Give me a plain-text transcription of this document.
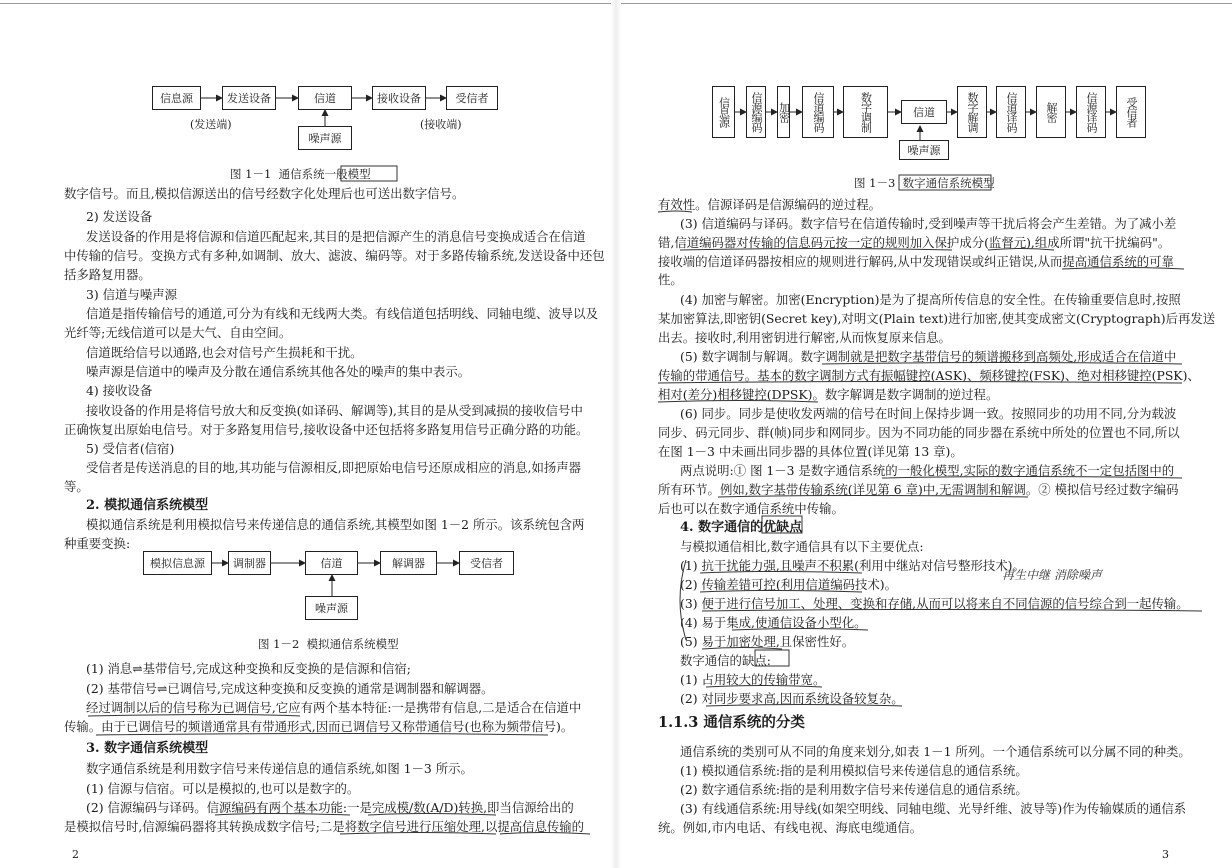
信息源	发送设备	信道	接收设备	受信者
噪声源
(发送端)	(接收端)
图 1－1 通信系统一般模型
数字信号。而且,模拟信源送出的信号经数字化处理后也可送出数字信号。
2) 发送设备
发送设备的作用是将信源和信道匹配起来,其目的是把信源产生的消息信号变换成适合在信道
中传输的信号。变换方式有多种,如调制、放大、滤波、编码等。对于多路传输系统,发送设备中还包
括多路复用器。
3) 信道与噪声源
信道是指传输信号的通道,可分为有线和无线两大类。有线信道包括明线、同轴电缆、波导以及
光纤等;无线信道可以是大气、自由空间。
信道既给信号以通路,也会对信号产生损耗和干扰。
噪声源是信道中的噪声及分散在通信系统其他各处的噪声的集中表示。
4) 接收设备
接收设备的作用是将信号放大和反变换(如译码、解调等),其目的是从受到减损的接收信号中
正确恢复出原始电信号。对于多路复用信号,接收设备中还包括将多路复用信号正确分路的功能。
5) 受信者(信宿)
受信者是传送消息的目的地,其功能与信源相反,即把原始电信号还原成相应的消息,如扬声器
等。
2. 模拟通信系统模型
模拟通信系统是利用模拟信号来传递信息的通信系统,其模型如图 1－2 所示。该系统包含两
种重要变换:
模拟信息源	调制器	信道	解调器	受信者
噪声源
图 1－2 模拟通信系统模型
(1) 消息⇌基带信号,完成这种变换和反变换的是信源和信宿;
(2) 基带信号⇌已调信号,完成这种变换和反变换的通常是调制器和解调器。
经过调制以后的信号称为已调信号,它应有两个基本特征:一是携带有信息,二是适合在信道中
传输。由于已调信号的频谱通常具有带通形式,因而已调信号又称带通信号(也称为频带信号)。
3. 数字通信系统模型
数字通信系统是利用数字信号来传递信息的通信系统,如图 1－3 所示。
(1) 信源与信宿。可以是模拟的,也可以是数字的。
(2) 信源编码与译码。信源编码有两个基本功能:一是完成模/数(A/D)转换,即当信源给出的
是模拟信号时,信源编码器将其转换成数字信号;二是将数字信号进行压缩处理,以提高信息传输的
2
信息源	信源编码 加密	信道编码	数字调制	信道	数字解调	信道译码	解密	信源译码	受信者
噪声源
图 1－3 数字通信系统模型
有效性。信源译码是信源编码的逆过程。
(3) 信道编码与译码。数字信号在信道传输时,受到噪声等干扰后将会产生差错。为了减小差
错,信道编码器对传输的信息码元按一定的规则加入保护成分(监督元),组成所谓"抗干扰编码"。
接收端的信道译码器按相应的规则进行解码,从中发现错误或纠正错误,从而提高通信系统的可靠
性。
(4) 加密与解密。加密(Encryption)是为了提高所传信息的安全性。在传输重要信息时,按照
某加密算法,即密钥(Secret key),对明文(Plain text)进行加密,使其变成密文(Cryptograph)后再发送
出去。接收时,利用密钥进行解密,从而恢复原来信息。
(5) 数字调制与解调。数字调制就是把数字基带信号的频谱搬移到高频处,形成适合在信道中
传输的带通信号。基本的数字调制方式有振幅键控(ASK)、频移键控(FSK)、绝对相移键控(PSK)、
相对(差分)相移键控(DPSK)。数字解调是数字调制的逆过程。
(6) 同步。同步是使收发两端的信号在时间上保持步调一致。按照同步的功用不同,分为载波
同步、码元同步、群(帧)同步和网同步。因为不同功能的同步器在系统中所处的位置也不同,所以
在图 1－3 中未画出同步器的具体位置(详见第 13 章)。
两点说明:① 图 1－3 是数字通信系统的一般化模型,实际的数字通信系统不一定包括图中的
所有环节。例如,数字基带传输系统(详见第 6 章)中,无需调制和解调。② 模拟信号经过数字编码
后也可以在数字通信系统中传输。
4. 数字通信的优缺点
与模拟通信相比,数字通信具有以下主要优点:
(1) 抗干扰能力强,且噪声不积累(利用中继站对信号整形技术)。
再生中继 消除噪声
(2) 传输差错可控(利用信道编码技术)。
(3) 便于进行信号加工、处理、变换和存储,从而可以将来自不同信源的信号综合到一起传输。
(4) 易于集成,使通信设备小型化。
(5) 易于加密处理,且保密性好。
数字通信的缺点:
(1) 占用较大的传输带宽。
(2) 对同步要求高,因而系统设备较复杂。
1.1.3 通信系统的分类
通信系统的类别可从不同的角度来划分,如表 1－1 所列。一个通信系统可以分属不同的种类。
(1) 模拟通信系统:指的是利用模拟信号来传递信息的通信系统。
(2) 数字通信系统:指的是利用数字信号来传递信息的通信系统。
(3) 有线通信系统:用导线(如架空明线、同轴电缆、光导纤维、波导等)作为传输媒质的通信系
统。例如,市内电话、有线电视、海底电缆通信。
3
